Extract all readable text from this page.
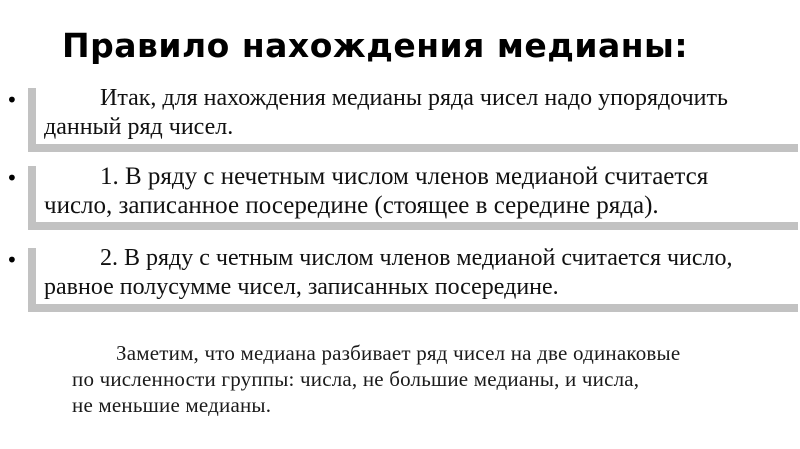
Правило нахождения медианы:
•	Итак, для нахождения медианы ряда чисел надо упорядочить
данный ряд чисел.

•	1. В ряду с нечетным числом членов медианой считается
число, записанное посередине (стоящее в середине ряда).

•	2. В ряду с четным числом членов медианой считается число,
равное полусумме чисел, записанных посередине.

Заметим, что медиана разбивает ряд чисел на две одинаковые
по численности группы: числа, не большие медианы, и числа,
не меньшие медианы.
